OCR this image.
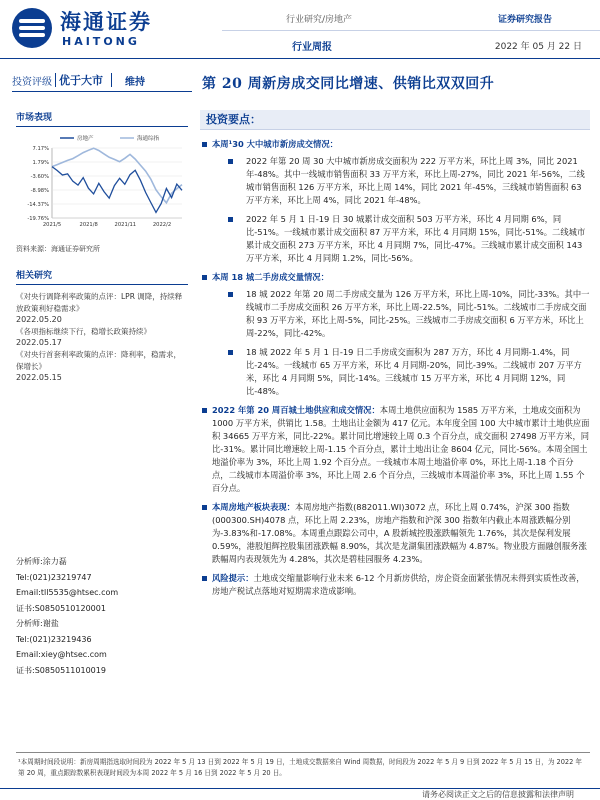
海通证券
HAITONG
行业研究/房地产	证券研究报告
行业周报	2022 年 05 月 22 日
投资评级 优于大市 维持	第 20 周新房成交同比增速、供销比双双回升
市场表现
房地产	海通综指
7.17%
1.79%
-3.60%
-8.98%
-14.37%
-19.76%
2021/5	2021/8	2021/11	2022/2
资料来源：海通证券研究所
相关研究
《对央行调降利率政策的点评：LPR 调降，持续释放政策利好稳需求》
2022.05.20
《各项指标继续下行，稳增长政策持续》
2022.05.17
《对央行首套利率政策的点评：降利率，稳需求，保增长》
2022.05.15
分析师:涂力磊
Tel:(021)23219747
Email:tll5535@htsec.com
证书:S0850510120001
分析师:谢盐
Tel:(021)23219436
Email:xiey@htsec.com
证书:S0850511010019
投资要点：
本周¹30 大中城市新房成交情况：
2022 年第 20 周 30 大中城市新房成交面积为 222 万平方米，环比上周 3%，同比 2021 年-48%。其中一线城市销售面积 33 万平方米，环比上周-27%，同比 2021 年-56%，二线城市销售面积 126 万平方米，环比上周 14%，同比 2021 年-45%，三线城市销售面积 63 万平方米，环比上周 4%，同比 2021 年-48%。
2022 年 5 月 1 日-19 日 30 城累计成交面积 503 万平方米，环比 4 月同期 6%，同比-51%。一线城市累计成交面积 87 万平方米，环比 4 月同期 15%，同比-51%。二线城市累计成交面积 273 万平方米，环比 4 月同期 7%，同比-47%。三线城市累计成交面积 143 万平方米，环比 4 月同期 1.2%，同比-56%。
本周 18 城二手房成交量情况：
18 城 2022 年第 20 周二手房成交量为 126 万平方米，环比上周-10%，同比-33%。其中一线城市二手房成交面积 26 万平方米，环比上周-22.5%，同比-51%。二线城市二手房成交面积 93 万平方米，环比上周-5%，同比-25%。三线城市二手房成交面积 6 万平方米，环比上周-22%，同比-42%。
18 城 2022 年 5 月 1 日-19 日二手房成交面积为 287 万方，环比 4 月同期-1.4%，同比-24%。一线城市 65 万平方米，环比 4 月同期-20%，同比-39%。二线城市 207 万平方米，环比 4 月同期 5%，同比-14%。三线城市 15 万平方米，环比 4 月同期 12%，同比-48%。
2022 年第 20 周百城土地供应和成交情况：本周土地供应面积为 1585 万平方米，土地成交面积为 1000 万平方米，供销比 1.58。土地出让金额为 417 亿元。本年度全国 100 大中城市累计土地供应面积 34665 万平方米，同比-22%。累计同比增速较上周 0.3 个百分点，成交面积 27498 万平方米，同比-31%。累计同比增速较上周-1.15 个百分点，累计土地出让金 8604 亿元，同比-56%。本周全国土地溢价率为 3%，环比上周 1.92 个百分点。一线城市本周土地溢价率 0%，环比上周-1.18 个百分点，二线城市本周溢价率 3%，环比上周 2.6 个百分点，三线城市本周溢价率 3%，环比上周 1.55 个百分点。
本周房地产板块表现：本周房地产指数(882011.WI)3072 点，环比上周 0.74%，沪深 300 指数(000300.SH)4078 点，环比上周 2.23%，房地产指数和沪深 300 指数年内截止本周涨跌幅分别为-3.83%和-17.08%。本周重点跟踪公司中，A 股新城控股涨跌幅领先 1.76%，其次是保利发展 0.59%，港股旭辉控股集团涨跌幅 8.90%，其次是龙湖集团涨跌幅为 4.87%。物业股方面融创服务涨跌幅周内表现领先为 4.28%，其次是碧桂园服务 4.23%。
风险提示：土地成交缩量影响行业未来 6-12 个月新房供给，房企资金面紧张情况未得到实质性改善，房地产税试点落地对短期需求造成影响。
¹本周期时间段说明：新房周期指选取时间段为 2022 年 5 月 13 日到 2022 年 5 月 19 日，土地成交数据来自 Wind 周数据，时间段为 2022 年 5 月 9 日到 2022 年 5 月 15 日，为 2022 年第 20 周，重点跟踪数累积表现时间段为本周 2022 年 5 月 16 日到 2022 年 5 月 20 日。
请务必阅读正文之后的信息披露和法律声明
